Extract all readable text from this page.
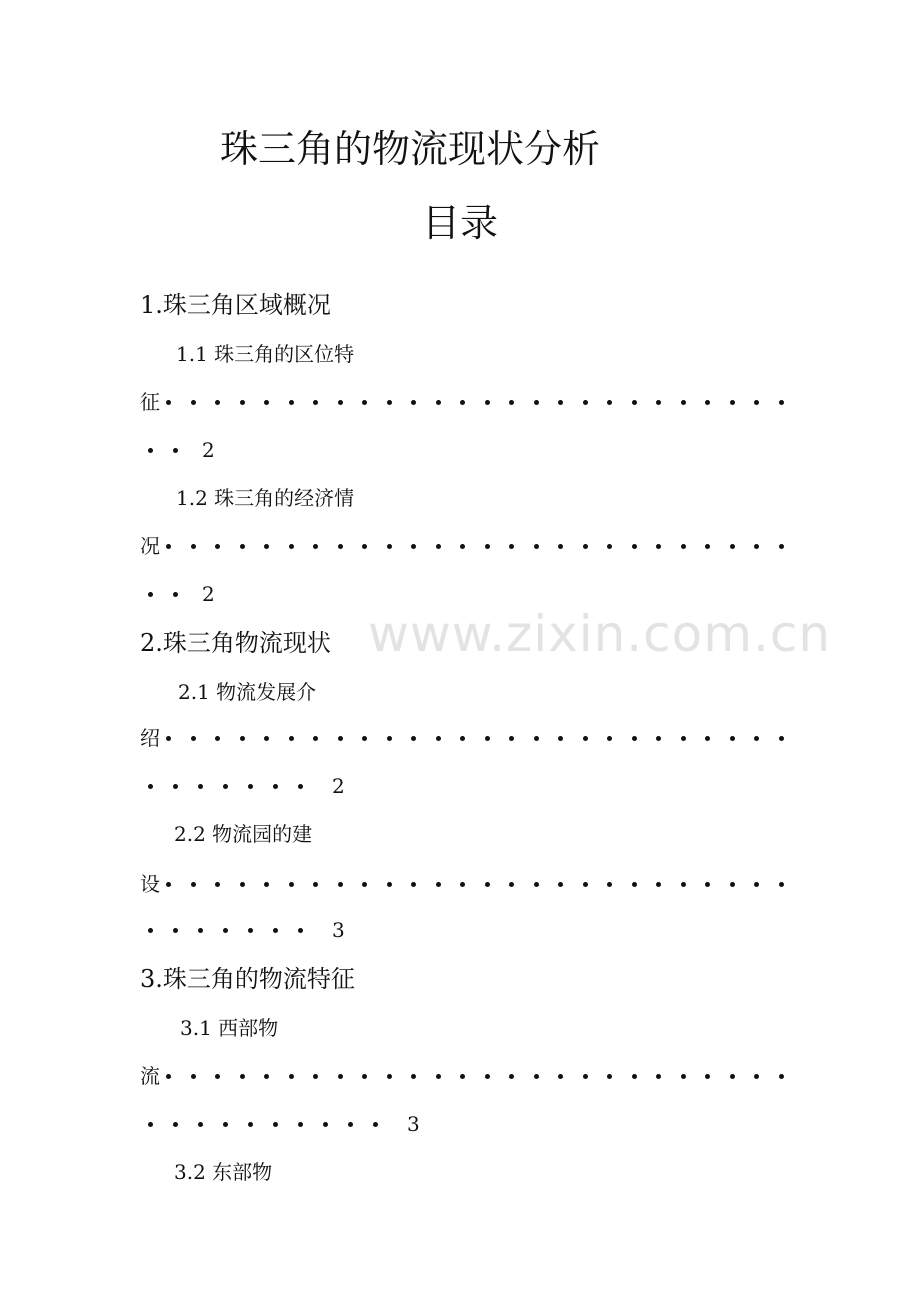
www.zixin.com.cn
珠三角的物流现状分析
目录
1.珠三角区域概况
1.1 珠三角的区位特
征
2
1.2 珠三角的经济情
况
2
2.珠三角物流现状
2.1 物流发展介
绍
2
2.2 物流园的建
设
3
3.珠三角的物流特征
3.1 西部物
流
3
3.2 东部物
